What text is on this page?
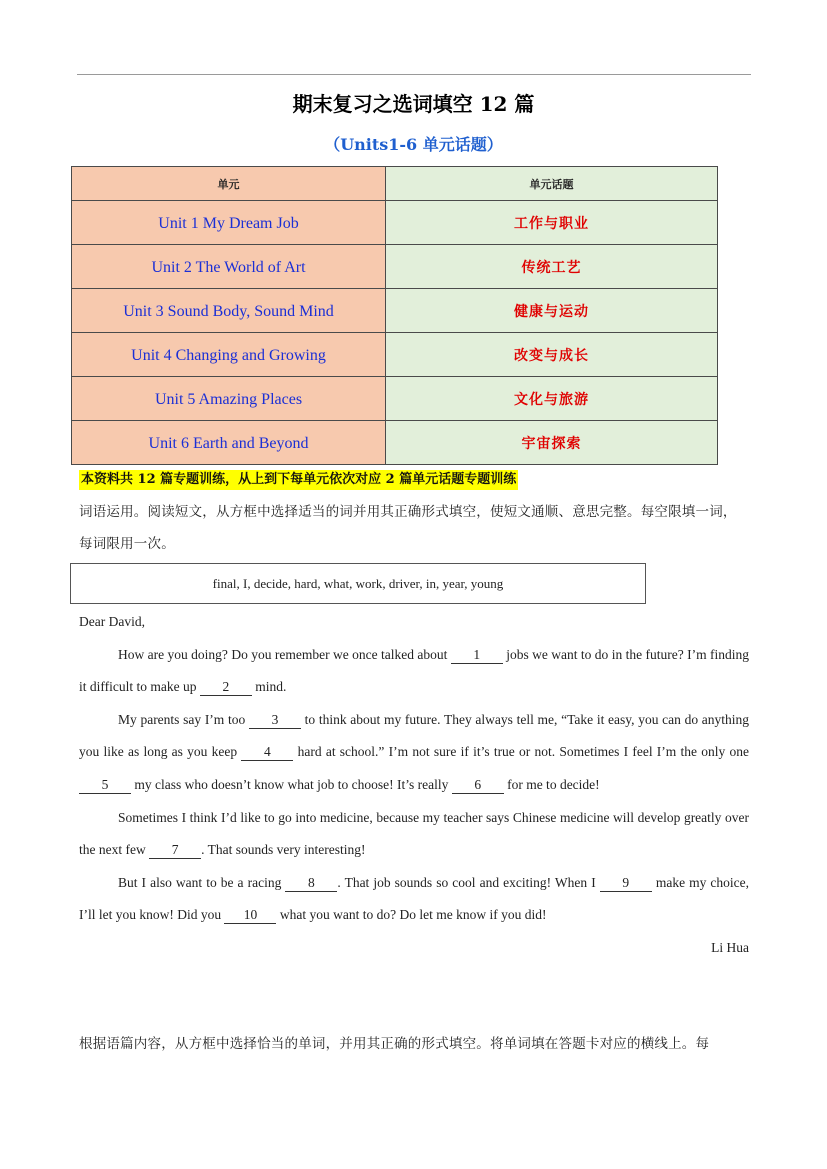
期末复习之选词填空 12 篇
（Units1-6 单元话题）
单元	单元话题
Unit 1 My Dream Job	工作与职业
Unit 2 The World of Art	传统工艺
Unit 3 Sound Body, Sound Mind	健康与运动
Unit 4 Changing and Growing	改变与成长
Unit 5 Amazing Places	文化与旅游
Unit 6 Earth and Beyond	宇宙探索
本资料共 12 篇专题训练，从上到下每单元依次对应 2 篇单元话题专题训练
词语运用。阅读短文，从方框中选择适当的词并用其正确形式填空，使短文通顺、意思完整。每空限填一词，每词限用一次。
final, I, decide, hard, what, work, driver, in, year, young

Dear David,

How are you doing? Do you remember we once talked about 1 jobs we want to do in the future? I’m finding it difficult to make up 2 mind.

My parents say I’m too 3 to think about my future. They always tell me, “Take it easy, you can do anything you like as long as you keep 4 hard at school.” I’m not sure if it’s true or not. Sometimes I feel I’m the only one 5 my class who doesn’t know what job to choose! It’s really 6 for me to decide!

Sometimes I think I’d like to go into medicine, because my teacher says Chinese medicine will develop greatly over the next few 7 . That sounds very interesting!

But I also want to be a racing 8 . That job sounds so cool and exciting! When I 9 make my choice, I’ll let you know! Did you 10 what you want to do? Do let me know if you did!

Li Hua

根据语篇内容，从方框中选择恰当的单词，并用其正确的形式填空。将单词填在答题卡对应的横线上。每
